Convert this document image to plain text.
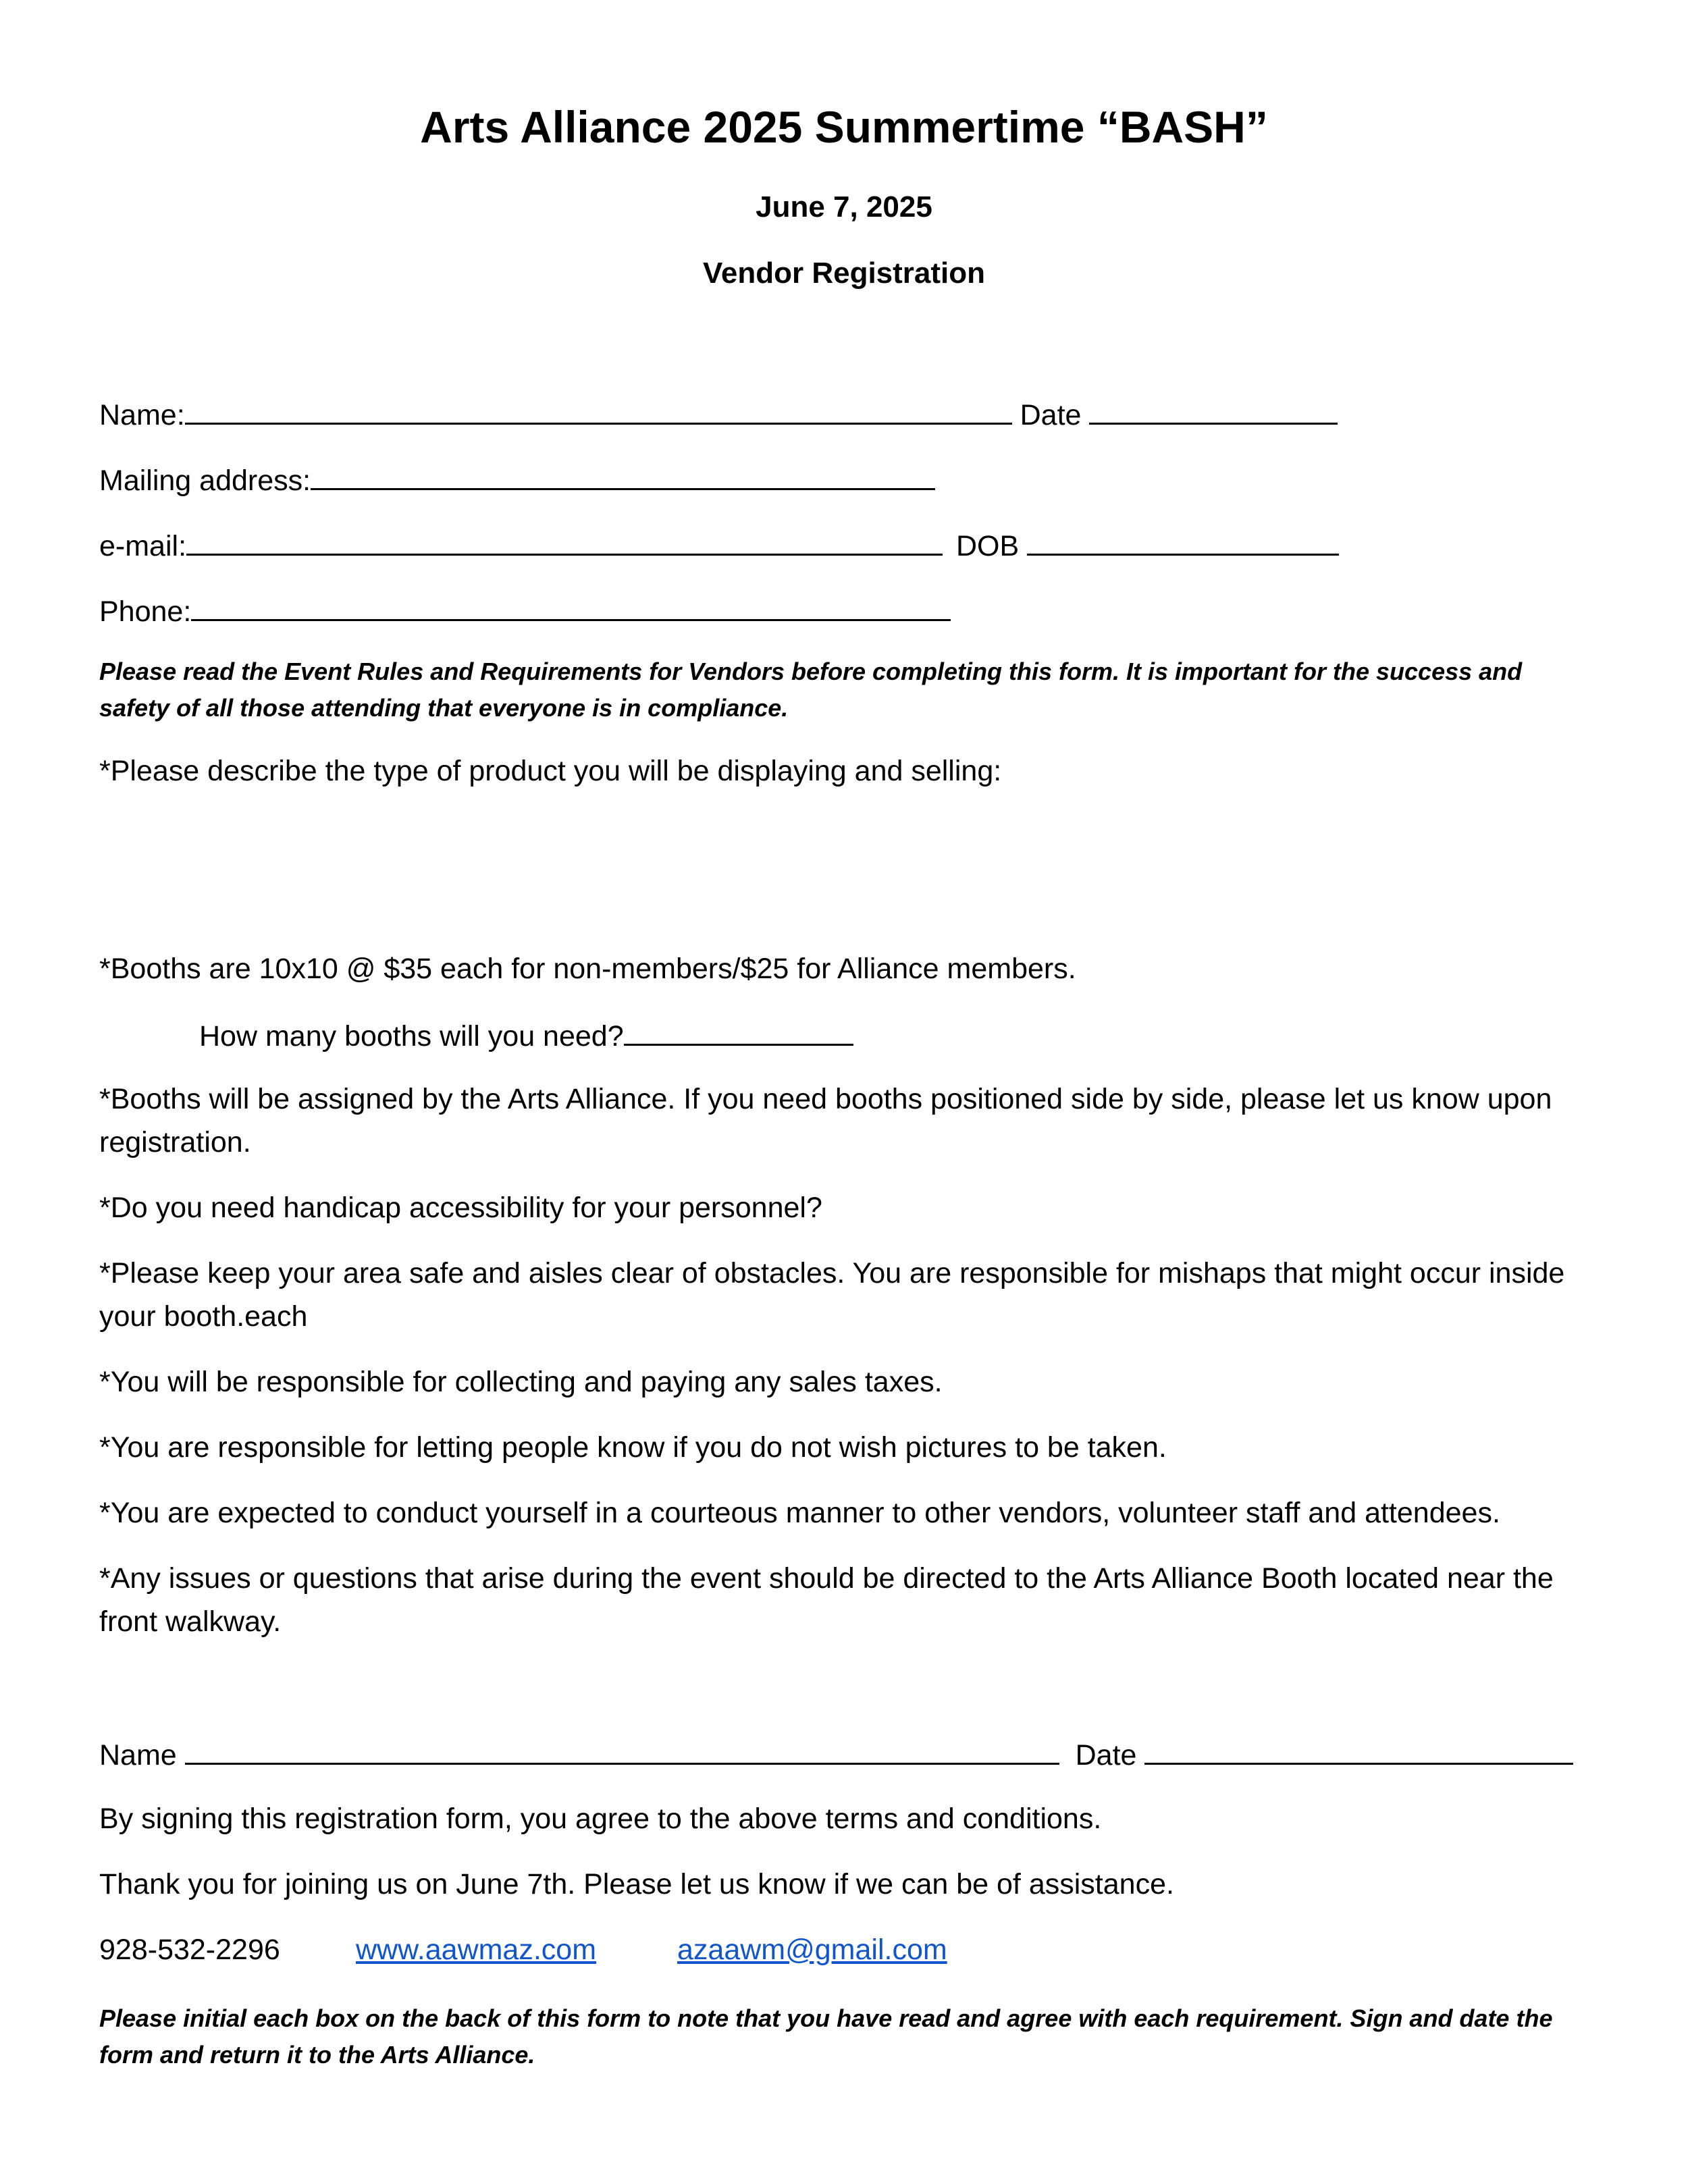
Arts Alliance 2025 Summertime “BASH”
June 7, 2025
Vendor Registration
Name:	Date
Mailing address:
e-mail:	DOB
Phone:
Please read the Event Rules and Requirements for Vendors before completing this form. It is important for the success and safety of all those attending that everyone is in compliance.
*Please describe the type of product you will be displaying and selling:
*Booths are 10x10 @ $35 each for non-members/$25 for Alliance members.
How many booths will you need?
*Booths will be assigned by the Arts Alliance. If you need booths positioned side by side, please let us know upon registration.
*Do you need handicap accessibility for your personnel?
*Please keep your area safe and aisles clear of obstacles. You are responsible for mishaps that might occur inside your booth.each
*You will be responsible for collecting and paying any sales taxes.
*You are responsible for letting people know if you do not wish pictures to be taken.
*You are expected to conduct yourself in a courteous manner to other vendors, volunteer staff and attendees.
*Any issues or questions that arise during the event should be directed to the Arts Alliance Booth located near the front walkway.
Name	Date
By signing this registration form, you agree to the above terms and conditions.
Thank you for joining us on June 7th. Please let us know if we can be of assistance.
928-532-2296	www.aawmaz.com	azaawm@gmail.com
Please initial each box on the back of this form to note that you have read and agree with each requirement. Sign and date the form and return it to the Arts Alliance.
